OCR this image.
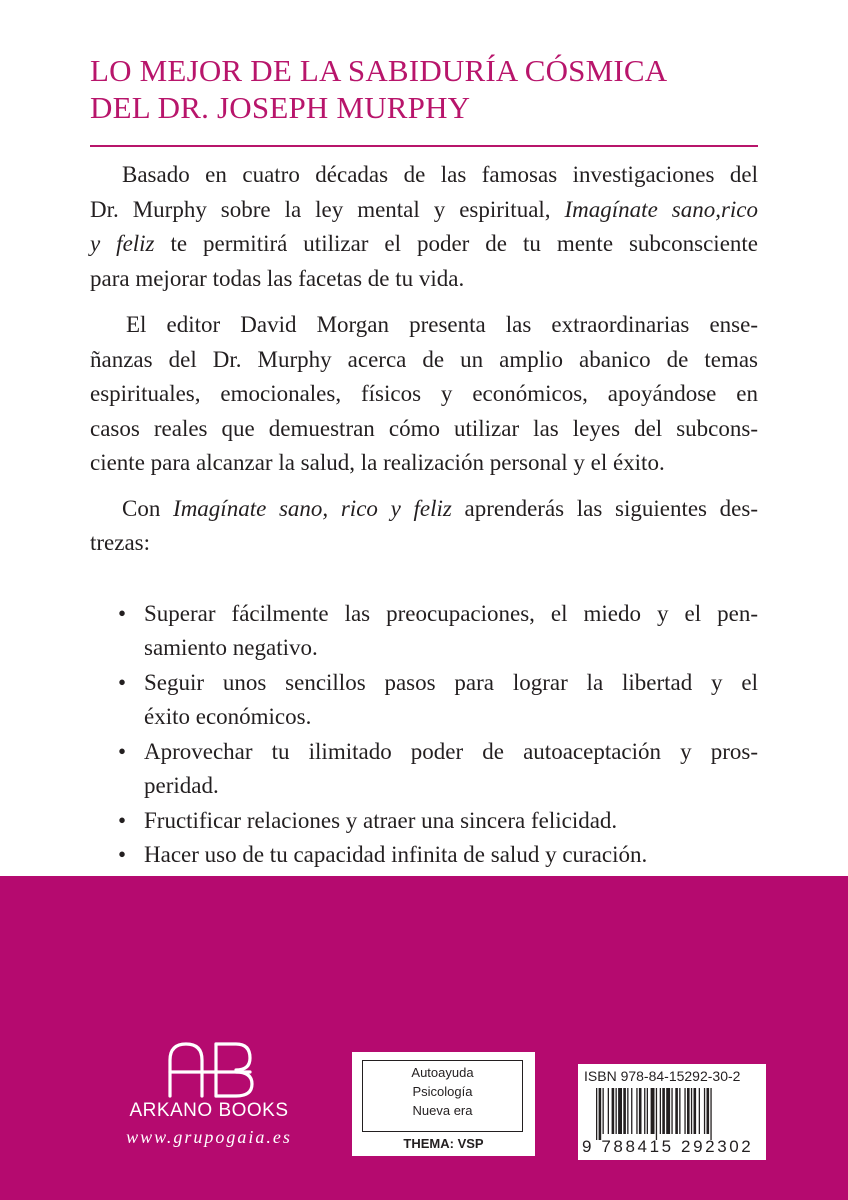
LO MEJOR DE LA SABIDURÍA CÓSMICA
DEL DR. JOSEPH MURPHY

Basado en cuatro décadas de las famosas investigaciones del
Dr. Murphy sobre la ley mental y espiritual, Imagínate sano,rico
y feliz te permitirá utilizar el poder de tu mente subconsciente
para mejorar todas las facetas de tu vida.

El editor David Morgan presenta las extraordinarias ense-
ñanzas del Dr. Murphy acerca de un amplio abanico de temas
espirituales, emocionales, físicos y económicos, apoyándose en
casos reales que demuestran cómo utilizar las leyes del subcons-
ciente para alcanzar la salud, la realización personal y el éxito.

Con Imagínate sano, rico y feliz aprenderás las siguientes des-
trezas:

• Superar fácilmente las preocupaciones, el miedo y el pen-
samiento negativo.
• Seguir unos sencillos pasos para lograr la libertad y el
éxito económicos.
• Aprovechar tu ilimitado poder de autoaceptación y pros-
peridad.
• Fructificar relaciones y atraer una sincera felicidad.
• Hacer uso de tu capacidad infinita de salud y curación.
ARKANO BOOKS
www.grupogaia.es
Autoayuda
Psicología
Nueva era
THEMA: VSP
ISBN 978-84-15292-30-2
9 788415 292302
